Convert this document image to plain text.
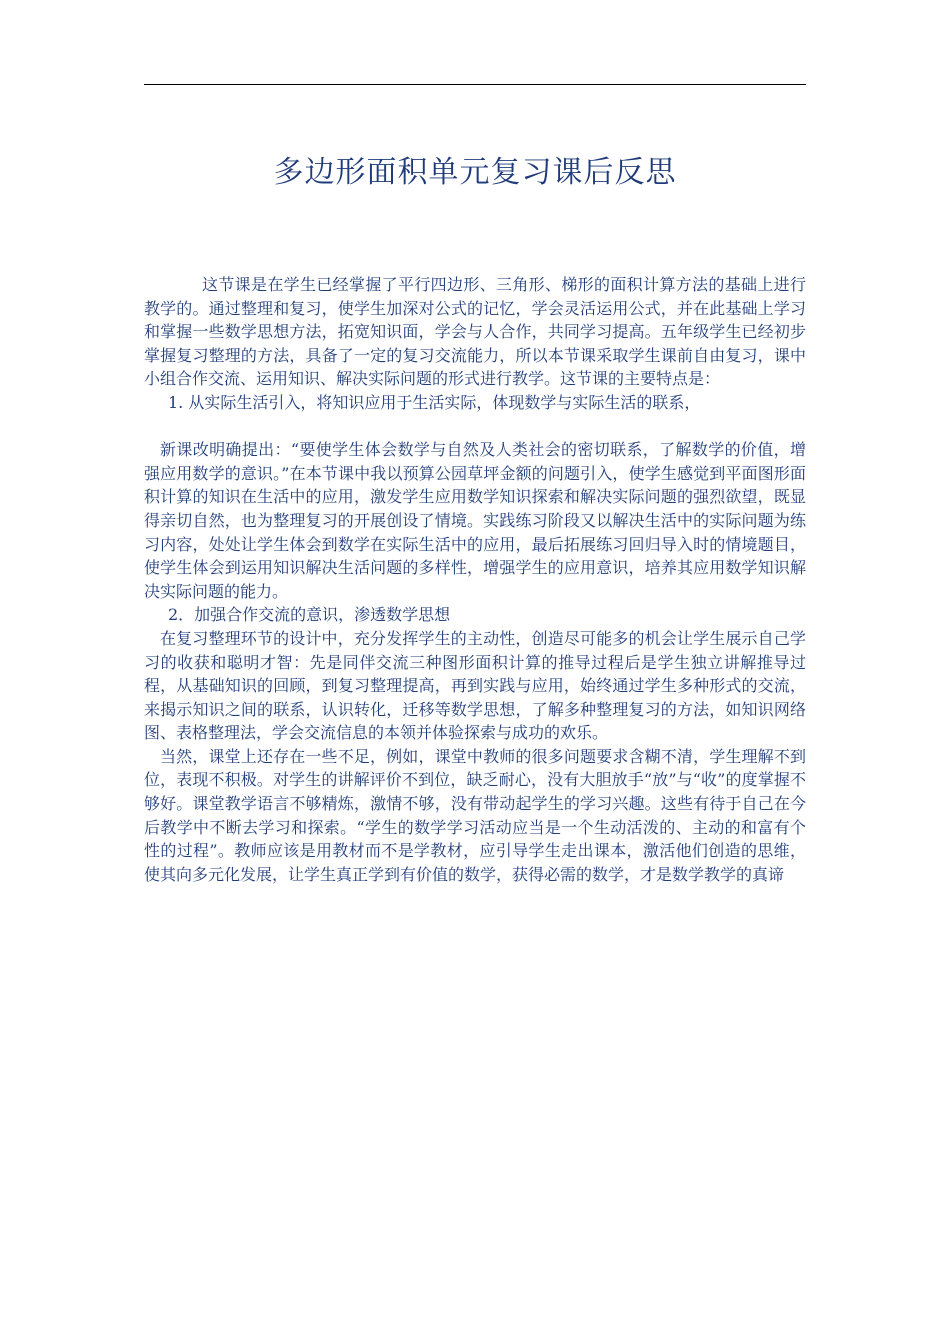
多边形面积单元复习课后反思

这节课是在学生已经掌握了平行四边形、三角形、梯形的面积计算方法的基础上进行教学的。通过整理和复习，使学生加深对公式的记忆，学会灵活运用公式，并在此基础上学习和掌握一些数学思想方法，拓宽知识面，学会与人合作，共同学习提高。五年级学生已经初步掌握复习整理的方法，具备了一定的复习交流能力，所以本节课采取学生课前自由复习，课中小组合作交流、运用知识、解决实际问题的形式进行教学。这节课的主要特点是：

1. 从实际生活引入，将知识应用于生活实际，体现数学与实际生活的联系，

新课改明确提出：“要使学生体会数学与自然及人类社会的密切联系，了解数学的价值，增强应用数学的意识。”在本节课中我以预算公园草坪金额的问题引入，使学生感觉到平面图形面积计算的知识在生活中的应用，激发学生应用数学知识探索和解决实际问题的强烈欲望，既显得亲切自然，也为整理复习的开展创设了情境。实践练习阶段又以解决生活中的实际问题为练习内容，处处让学生体会到数学在实际生活中的应用，最后拓展练习回归导入时的情境题目，使学生体会到运用知识解决生活问题的多样性，增强学生的应用意识，培养其应用数学知识解决实际问题的能力。

2．加强合作交流的意识，渗透数学思想

在复习整理环节的设计中，充分发挥学生的主动性，创造尽可能多的机会让学生展示自己学习的收获和聪明才智：先是同伴交流三种图形面积计算的推导过程后是学生独立讲解推导过程，从基础知识的回顾，到复习整理提高，再到实践与应用，始终通过学生多种形式的交流，来揭示知识之间的联系，认识转化，迁移等数学思想，了解多种整理复习的方法，如知识网络图、表格整理法，学会交流信息的本领并体验探索与成功的欢乐。

当然，课堂上还存在一些不足，例如，课堂中教师的很多问题要求含糊不清，学生理解不到位，表现不积极。对学生的讲解评价不到位，缺乏耐心，没有大胆放手“放”与“收”的度掌握不够好。课堂教学语言不够精炼，激情不够，没有带动起学生的学习兴趣。这些有待于自己在今后教学中不断去学习和探索。“学生的数学学习活动应当是一个生动活泼的、主动的和富有个性的过程”。教师应该是用教材而不是学教材，应引导学生走出课本，激活他们创造的思维，使其向多元化发展，让学生真正学到有价值的数学，获得必需的数学，才是数学教学的真谛
